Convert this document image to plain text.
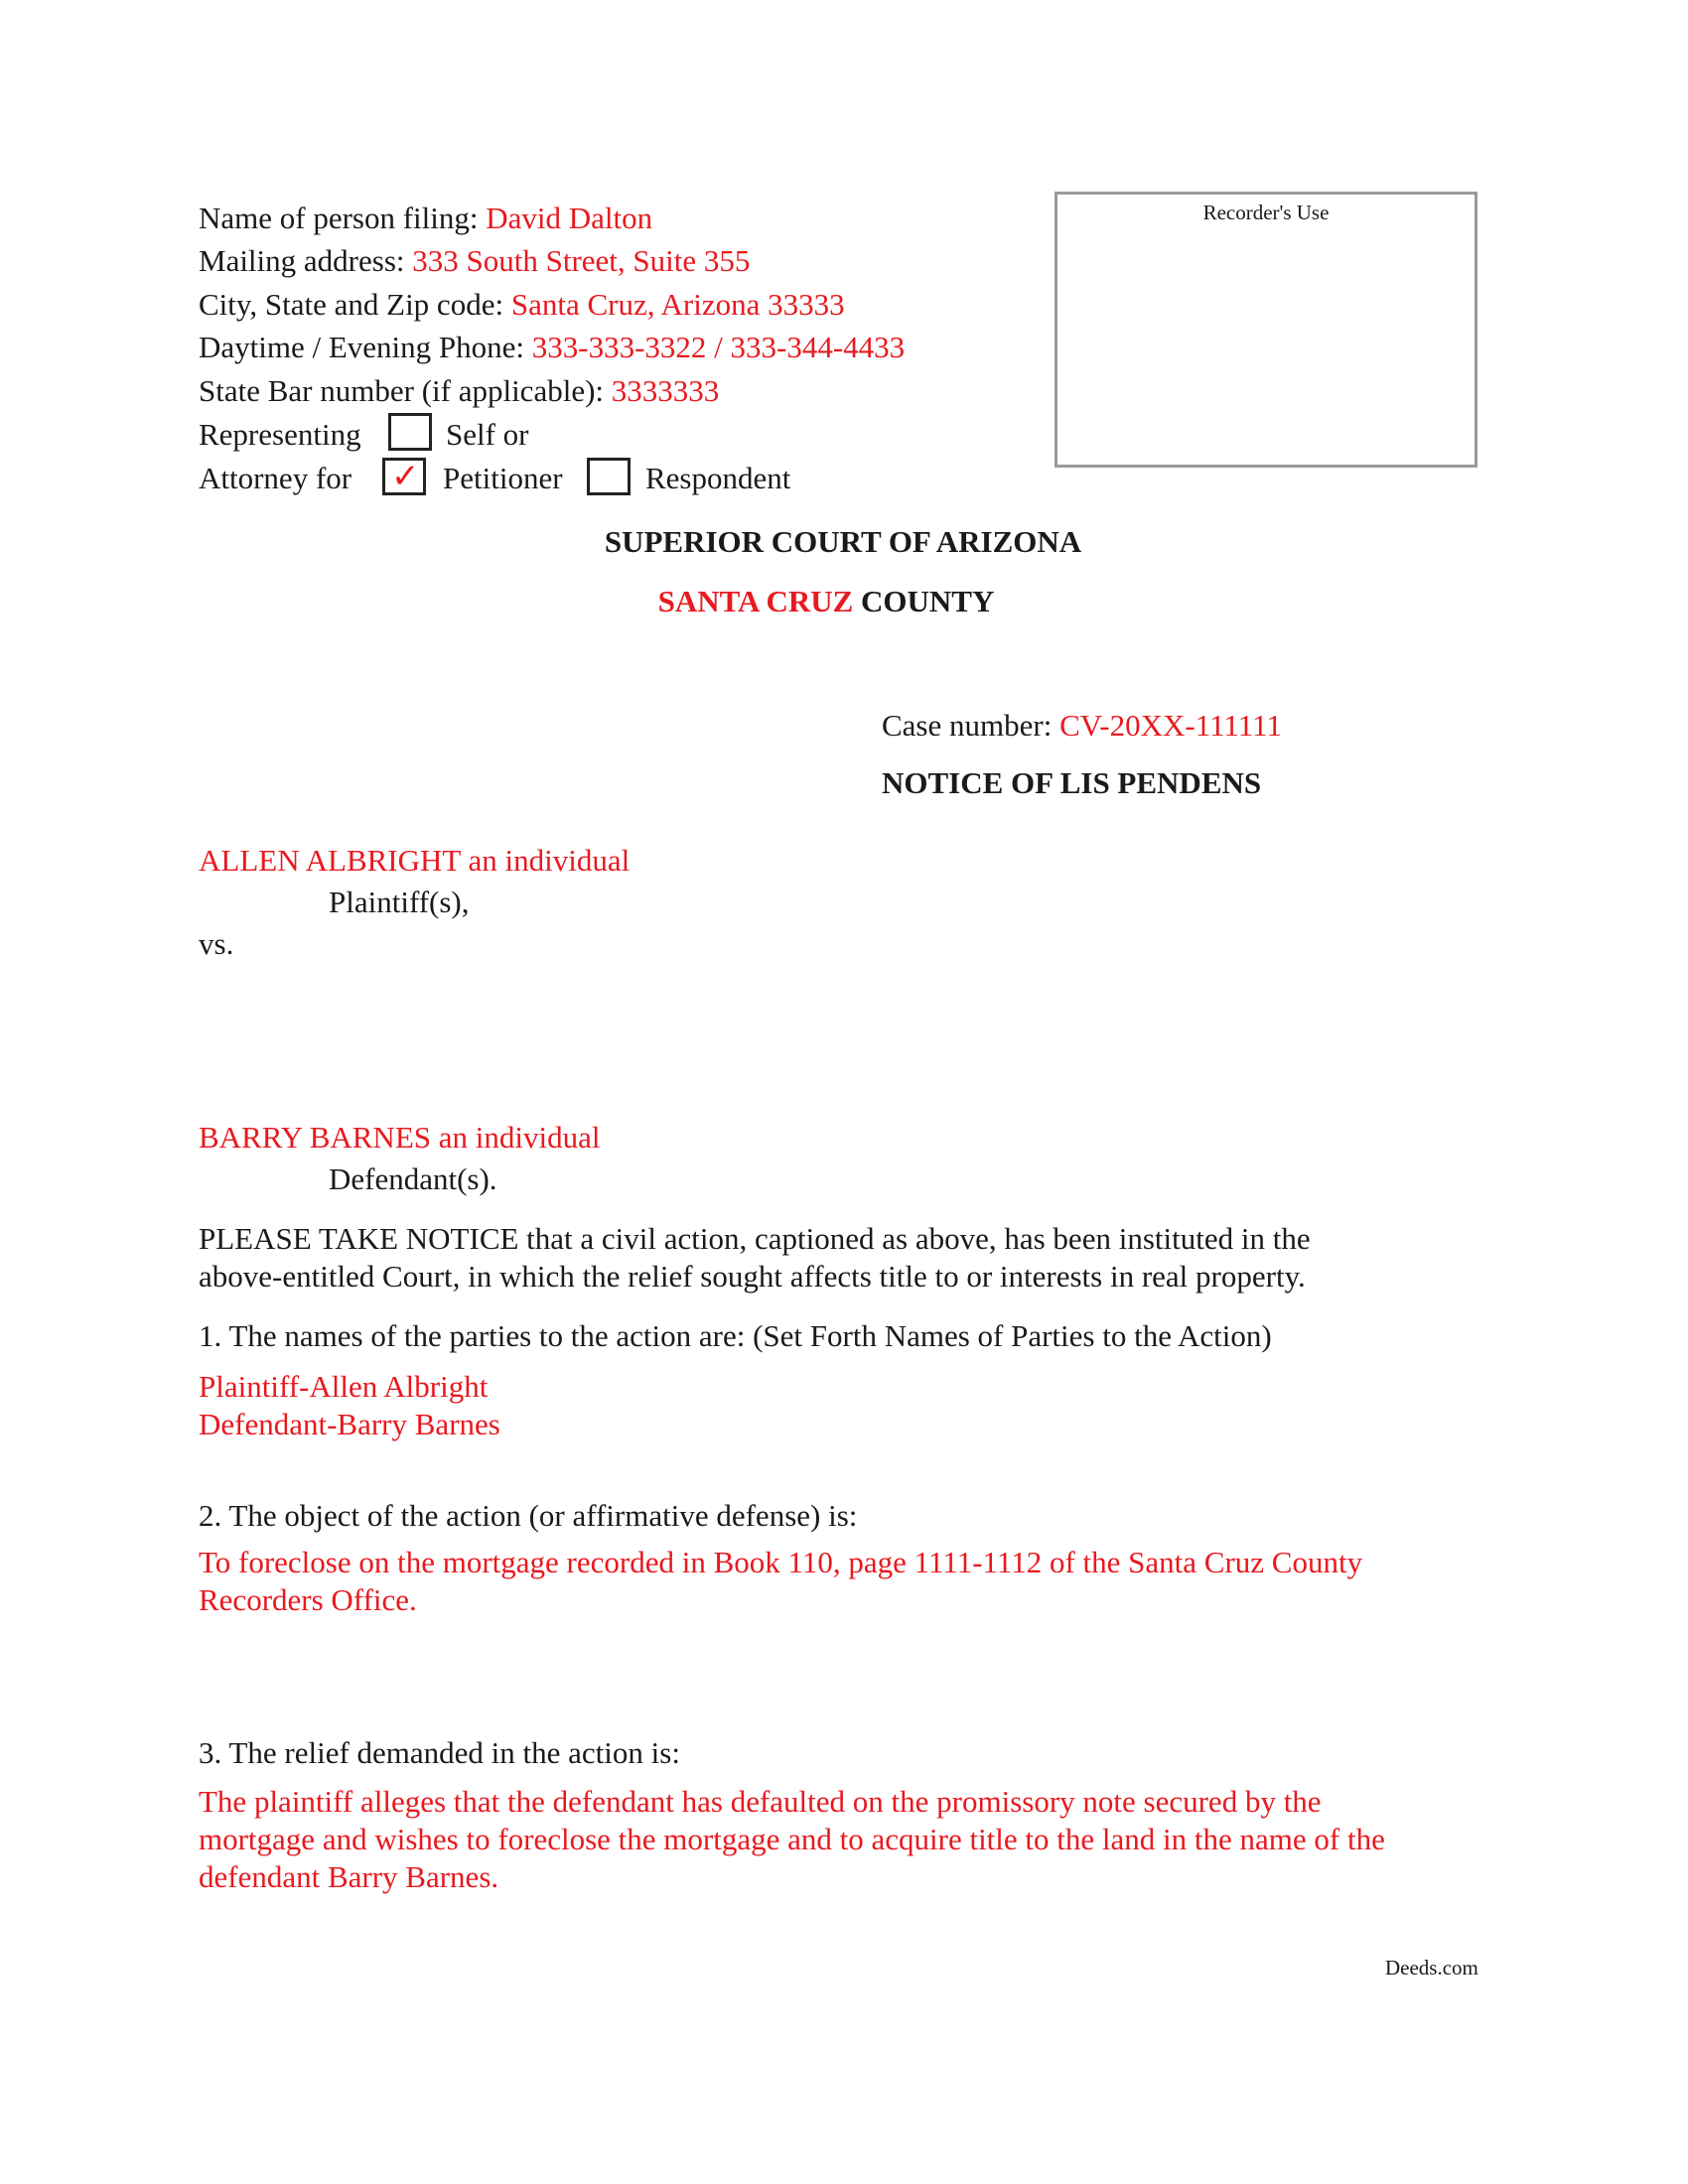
Name of person filing: David Dalton
Mailing address: 333 South Street, Suite 355
City, State and Zip code: Santa Cruz, Arizona 33333
Daytime / Evening Phone: 333-333-3322 / 333-344-4433
State Bar number (if applicable): 3333333
Representing	Self or
Attorney for ✓ Petitioner	Respondent
Recorder's Use
SUPERIOR COURT OF ARIZONA
SANTA CRUZ COUNTY
Case number: CV-20XX-111111
NOTICE OF LIS PENDENS
ALLEN ALBRIGHT an individual
Plaintiff(s),
vs.
BARRY BARNES an individual
Defendant(s).
PLEASE TAKE NOTICE that a civil action, captioned as above, has been instituted in the
above-entitled Court, in which the relief sought affects title to or interests in real property.
1. The names of the parties to the action are: (Set Forth Names of Parties to the Action)
Plaintiff-Allen Albright
Defendant-Barry Barnes
2. The object of the action (or affirmative defense) is:
To foreclose on the mortgage recorded in Book 110, page 1111-1112 of the Santa Cruz County
Recorders Office.
3. The relief demanded in the action is:
The plaintiff alleges that the defendant has defaulted on the promissory note secured by the
mortgage and wishes to foreclose the mortgage and to acquire title to the land in the name of the
defendant Barry Barnes.
Deeds.com
